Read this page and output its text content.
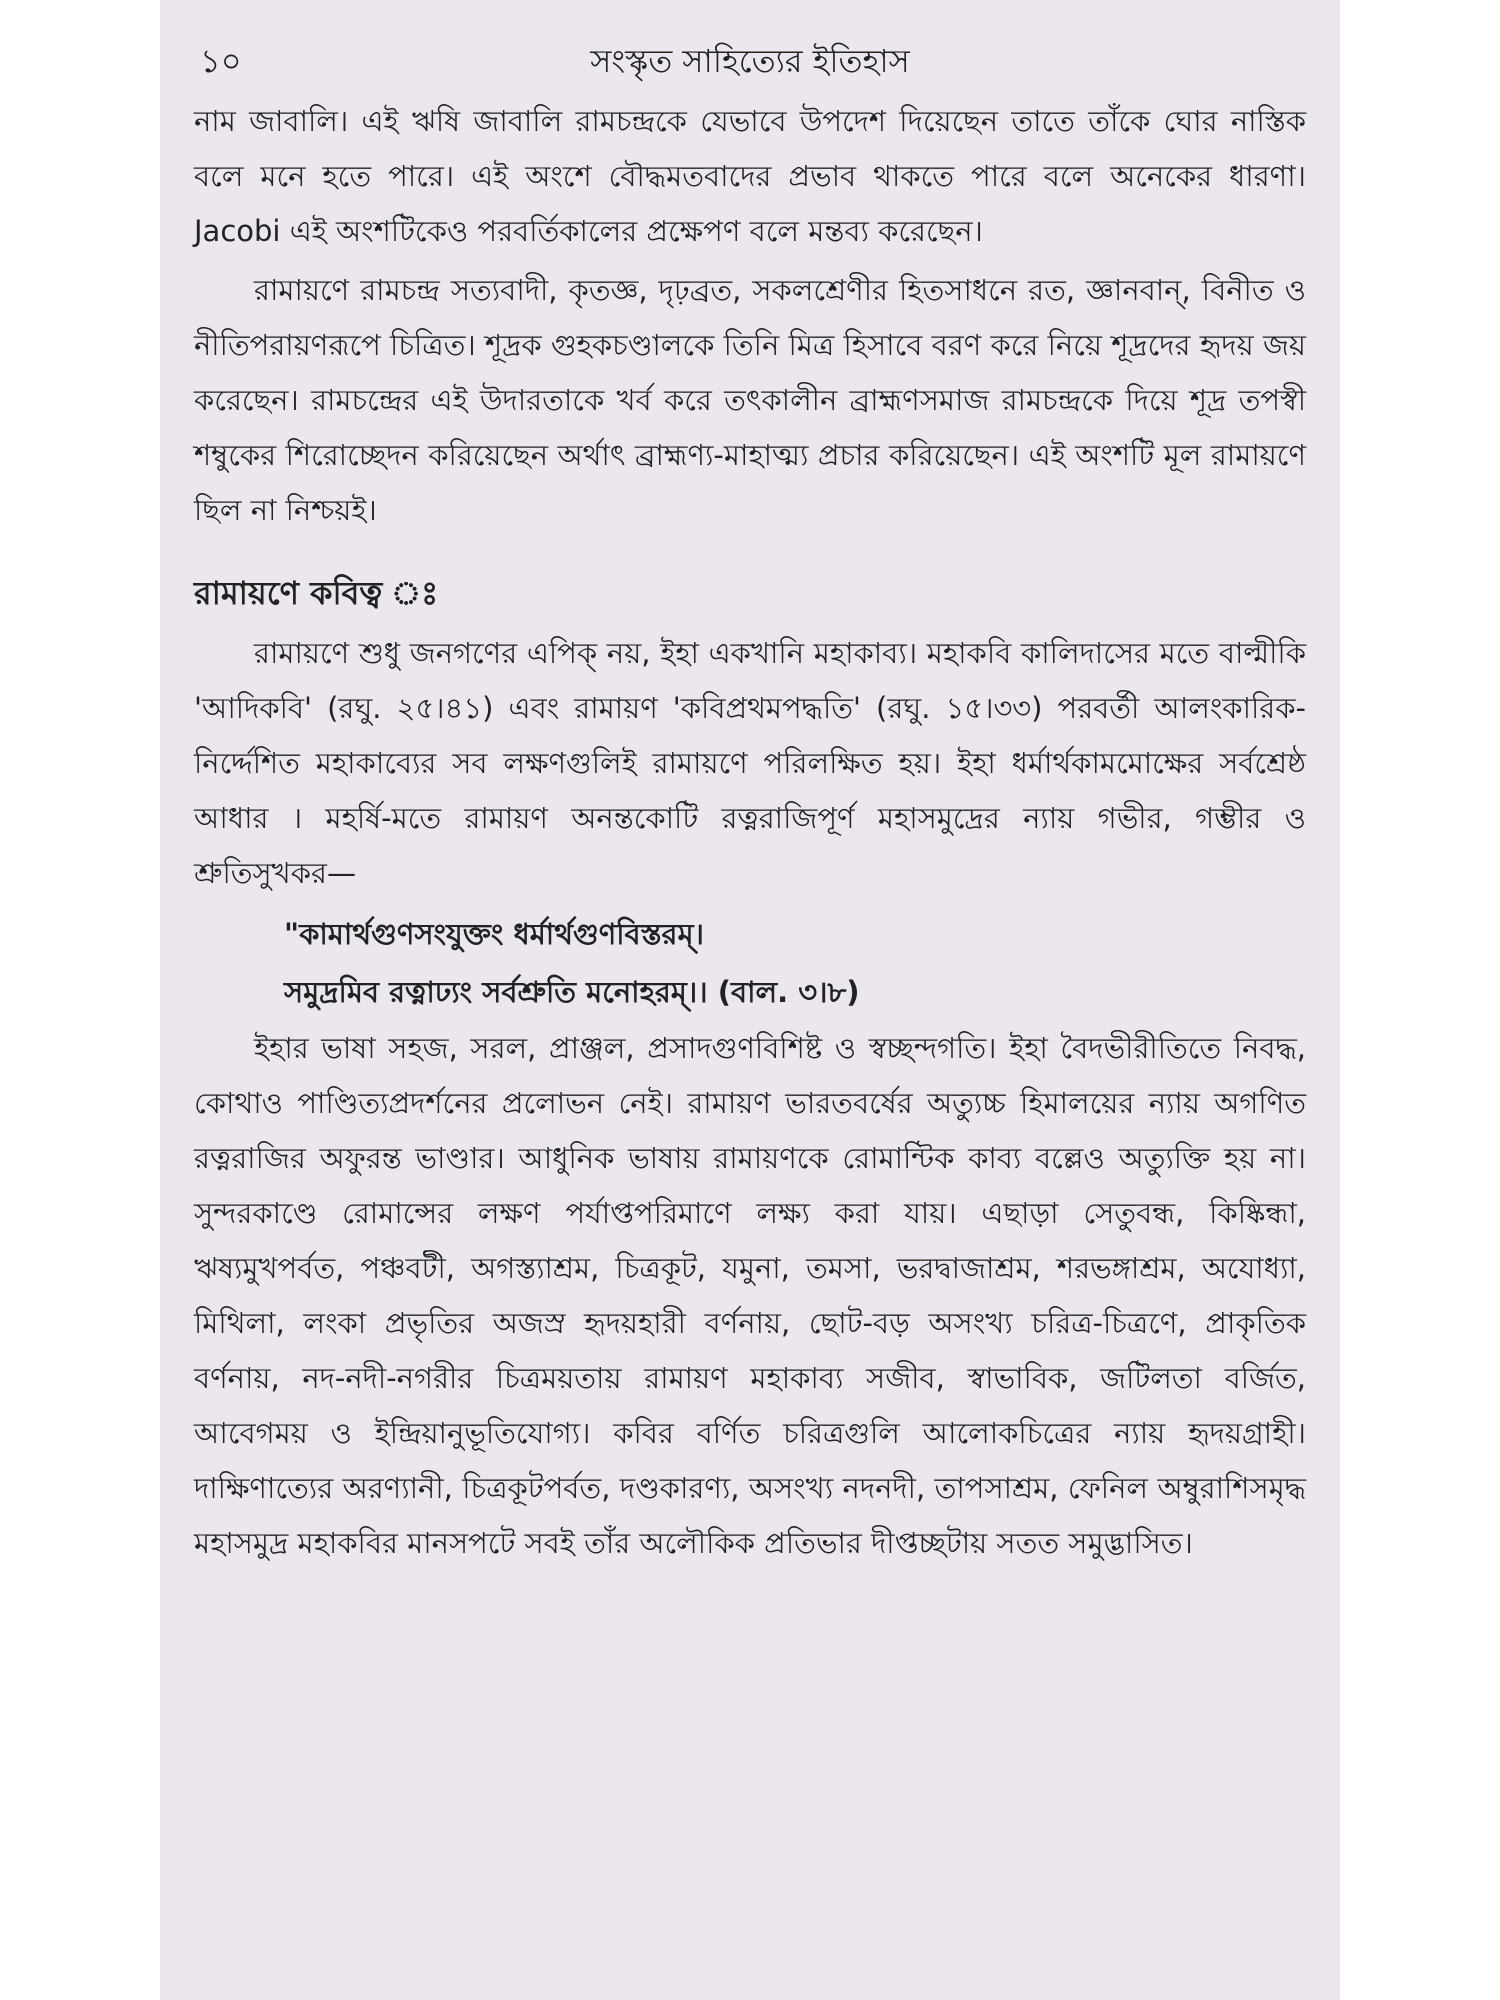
১০	সংস্কৃত সাহিত্যের ইতিহাস

নাম জাবালি। এই ঋষি জাবালি রামচন্দ্রকে যেভাবে উপদেশ দিয়েছেন তাতে তাঁকে ঘোর নাস্তিক বলে মনে হতে পারে। এই অংশে বৌদ্ধমতবাদের প্রভাব থাকতে পারে বলে অনেকের ধারণা। Jacobi এই অংশটিকেও পরবর্তিকালের প্রক্ষেপণ বলে মন্তব্য করেছেন।

রামায়ণে রামচন্দ্র সত্যবাদী, কৃতজ্ঞ, দৃঢ়ব্রত, সকলশ্রেণীর হিতসাধনে রত, জ্ঞানবান্, বিনীত ও নীতিপরায়ণরূপে চিত্রিত। শূদ্রক গুহকচণ্ডালকে তিনি মিত্র হিসাবে বরণ করে নিয়ে শূদ্রদের হৃদয় জয় করেছেন। রামচন্দ্রের এই উদারতাকে খর্ব করে তৎকালীন ব্রাহ্মণসমাজ রামচন্দ্রকে দিয়ে শূদ্র তপস্বী শম্বুকের শিরোচ্ছেদন করিয়েছেন অর্থাৎ ব্রাহ্মণ্য-মাহাত্ম্য প্রচার করিয়েছেন। এই অংশটি মূল রামায়ণে ছিল না নিশ্চয়ই।

রামায়ণে কবিত্ব ঃ

রামায়ণে শুধু জনগণের এপিক্ নয়, ইহা একখানি মহাকাব্য। মহাকবি কালিদাসের মতে বাল্মীকি 'আদিকবি' (রঘু. ২৫।৪১) এবং রামায়ণ 'কবিপ্রথমপদ্ধতি' (রঘু. ১৫।৩৩) পরবর্তী আলংকারিক-নির্দ্দেশিত মহাকাব্যের সব লক্ষণগুলিই রামায়ণে পরিলক্ষিত হয়। ইহা ধর্মার্থকামমোক্ষের সর্বশ্রেষ্ঠ আধার । মহর্ষি-মতে রামায়ণ অনন্তকোটি রত্নরাজিপূর্ণ মহাসমুদ্রের ন্যায় গভীর, গম্ভীর ও শ্রুতিসুখকর—

"কামার্থগুণসংযুক্তং ধর্মার্থগুণবিস্তরম্।
সমুদ্রমিব রত্নাঢ্যং সর্বশ্রুতি মনোহরম্।। (বাল. ৩।৮)

ইহার ভাষা সহজ, সরল, প্রাঞ্জল, প্রসাদগুণবিশিষ্ট ও স্বচ্ছন্দগতি। ইহা বৈদভীরীতিতে নিবদ্ধ, কোথাও পাণ্ডিত্যপ্রদর্শনের প্রলোভন নেই। রামায়ণ ভারতবর্ষের অত্যুচ্চ হিমালয়ের ন্যায় অগণিত রত্নরাজির অফুরন্ত ভাণ্ডার। আধুনিক ভাষায় রামায়ণকে রোমান্টিক কাব্য বল্লেও অত্যুক্তি হয় না। সুন্দরকাণ্ডে রোমান্সের লক্ষণ পর্যাপ্তপরিমাণে লক্ষ্য করা যায়। এছাড়া সেতুবন্ধ, কিষ্কিন্ধা, ঋষ্যমুখপর্বত, পঞ্চবটী, অগস্ত্যাশ্রম, চিত্রকূট, যমুনা, তমসা, ভরদ্বাজাশ্রম, শরভঙ্গাশ্রম, অযোধ্যা, মিথিলা, লংকা প্রভৃতির অজস্র হৃদয়হারী বর্ণনায়, ছোট-বড় অসংখ্য চরিত্র-চিত্রণে, প্রাকৃতিক বর্ণনায়, নদ-নদী-নগরীর চিত্রময়তায় রামায়ণ মহাকাব্য সজীব, স্বাভাবিক, জটিলতা বর্জিত, আবেগময় ও ইন্দ্রিয়ানুভূতিযোগ্য। কবির বর্ণিত চরিত্রগুলি আলোকচিত্রের ন্যায় হৃদয়গ্রাহী। দাক্ষিণাত্যের অরণ্যানী, চিত্রকূটপর্বত, দণ্ডকারণ্য, অসংখ্য নদনদী, তাপসাশ্রম, ফেনিল অম্বুরাশিসমৃদ্ধ মহাসমুদ্র মহাকবির মানসপটে সবই তাঁর অলৌকিক প্রতিভার দীপ্তচ্ছটায় সতত সমুদ্ভাসিত।
